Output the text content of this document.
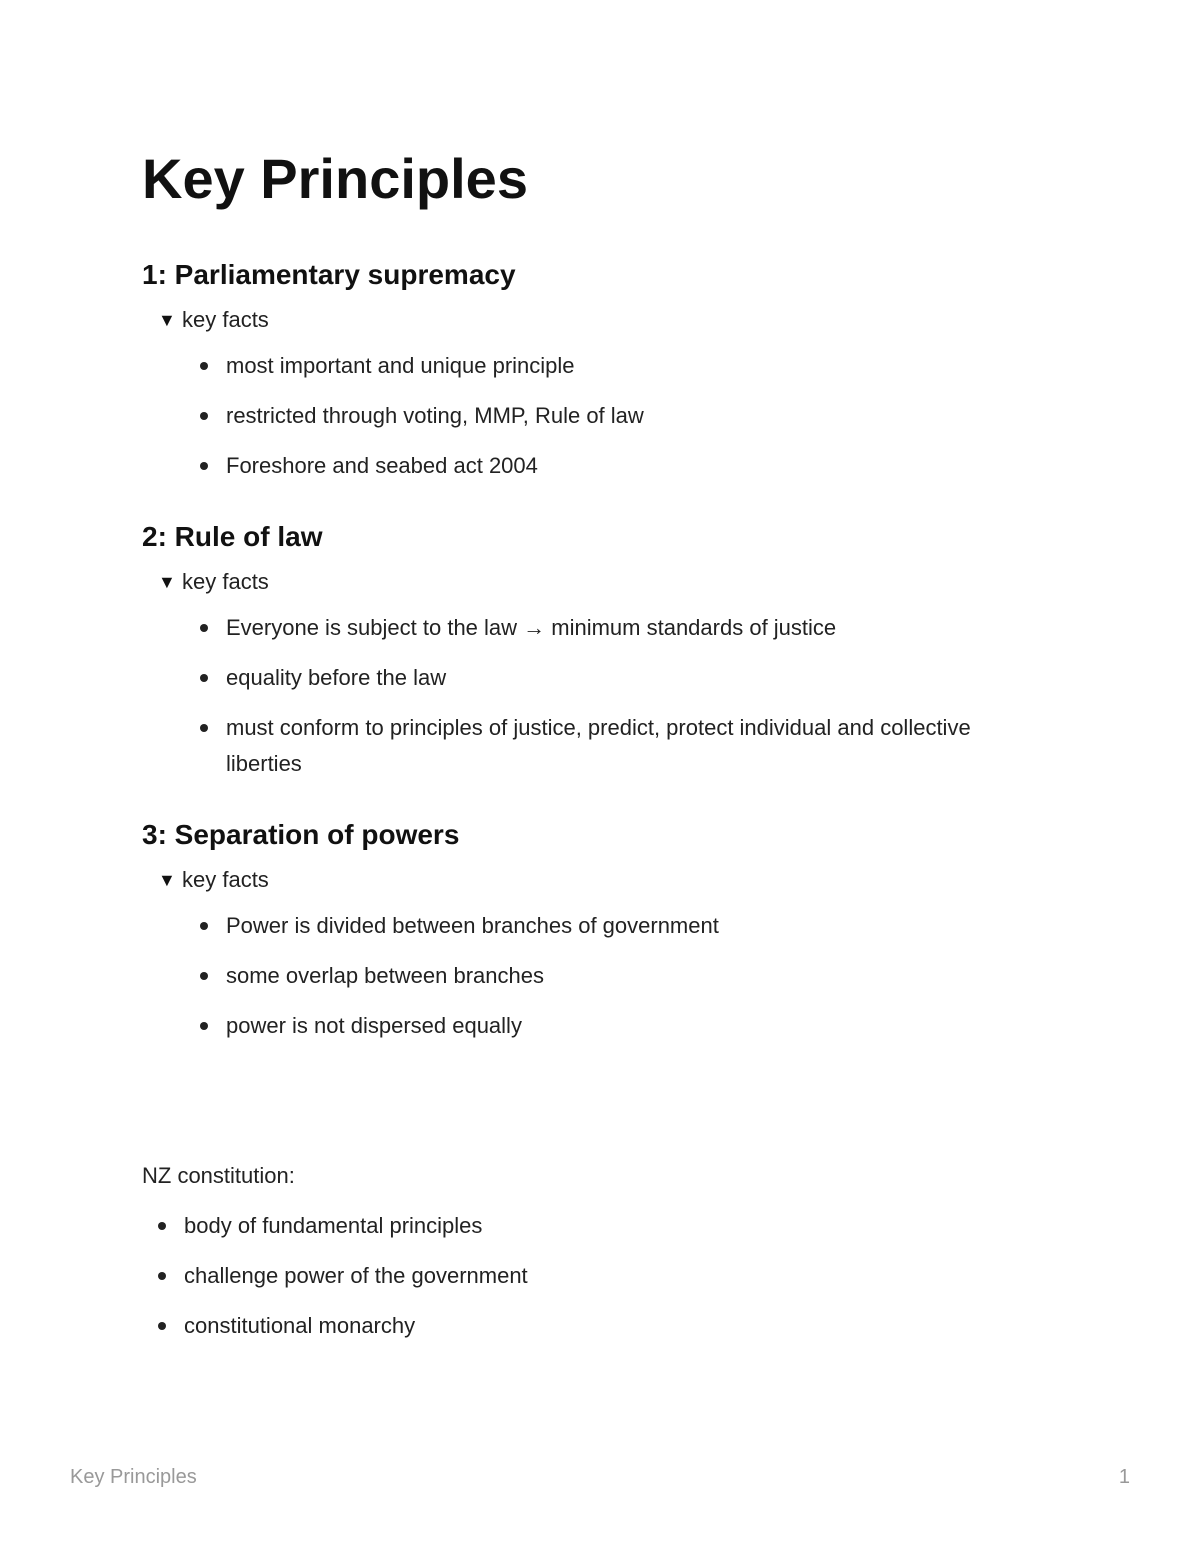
Key Principles
1: Parliamentary supremacy
▼ key facts
most important and unique principle
restricted through voting, MMP, Rule of law
Foreshore and seabed act 2004
2: Rule of law
▼ key facts
Everyone is subject to the law → minimum standards of justice
equality before the law
must conform to principles of justice, predict, protect individual and collective liberties
3: Separation of powers
▼ key facts
Power is divided between branches of government
some overlap between branches
power is not dispersed equally

NZ constitution:

body of fundamental principles
challenge power of the government
constitutional monarchy
Key Principles	1
